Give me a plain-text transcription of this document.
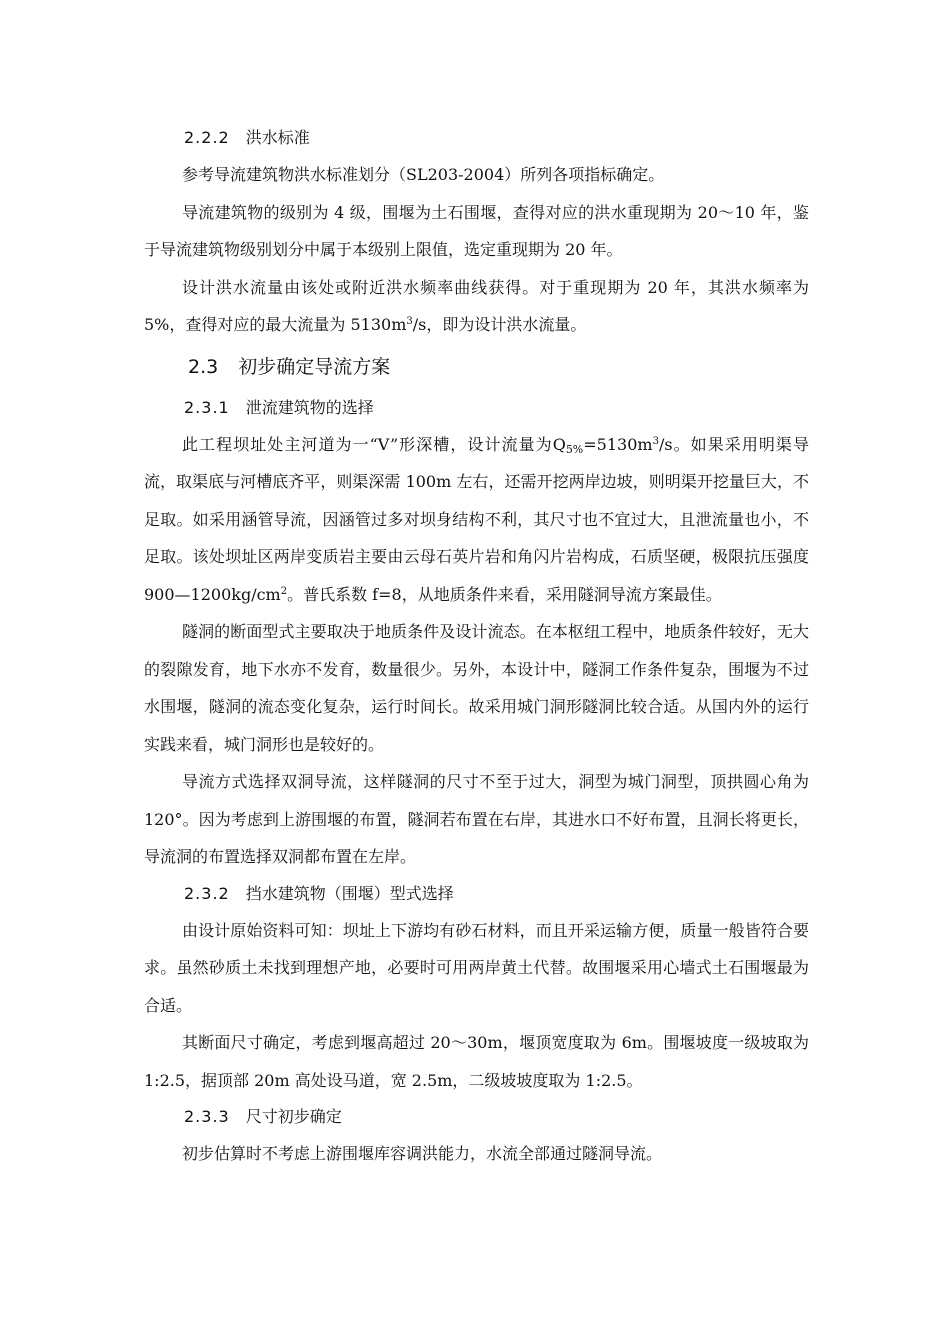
2.2.2 洪水标准

参考导流建筑物洪水标准划分（SL203-2004）所列各项指标确定。

导流建筑物的级别为 4 级，围堰为土石围堰，查得对应的洪水重现期为 20～10 年，鉴于导流建筑物级别划分中属于本级别上限值，选定重现期为 20 年。

设计洪水流量由该处或附近洪水频率曲线获得。对于重现期为 20 年，其洪水频率为 5%，查得对应的最大流量为 $5130m^3/s$，即为设计洪水流量。

2.3 初步确定导流方案
2.3.1 泄流建筑物的选择

此工程坝址处主河道为一“V”形深槽，设计流量为$Q_{5\%}=5130m^3/s$。如果采用明渠导流，取渠底与河槽底齐平，则渠深需 100m 左右，还需开挖两岸边坡，则明渠开挖量巨大，不足取。如采用涵管导流，因涵管过多对坝身结构不利，其尺寸也不宜过大，且泄流量也小，不足取。该处坝址区两岸变质岩主要由云母石英片岩和角闪片岩构成，石质坚硬，极限抗压强度 $900—1200kg/cm^2$。普氏系数 f=8，从地质条件来看，采用隧洞导流方案最佳。

隧洞的断面型式主要取决于地质条件及设计流态。在本枢纽工程中，地质条件较好，无大的裂隙发育，地下水亦不发育，数量很少。另外，本设计中，隧洞工作条件复杂，围堰为不过水围堰，隧洞的流态变化复杂，运行时间长。故采用城门洞形隧洞比较合适。从国内外的运行实践来看，城门洞形也是较好的。

导流方式选择双洞导流，这样隧洞的尺寸不至于过大，洞型为城门洞型，顶拱圆心角为 120°。因为考虑到上游围堰的布置，隧洞若布置在右岸，其进水口不好布置，且洞长将更长，导流洞的布置选择双洞都布置在左岸。

2.3.2 挡水建筑物（围堰）型式选择

由设计原始资料可知：坝址上下游均有砂石材料，而且开采运输方便，质量一般皆符合要求。虽然砂质土未找到理想产地，必要时可用两岸黄土代替。故围堰采用心墙式土石围堰最为合适。

其断面尺寸确定，考虑到堰高超过 20～30m，堰顶宽度取为 6m。围堰坡度一级坡取为 1:2.5，据顶部 20m 高处设马道，宽 2.5m，二级坡坡度取为 1:2.5。

2.3.3 尺寸初步确定

初步估算时不考虑上游围堰库容调洪能力，水流全部通过隧洞导流。
